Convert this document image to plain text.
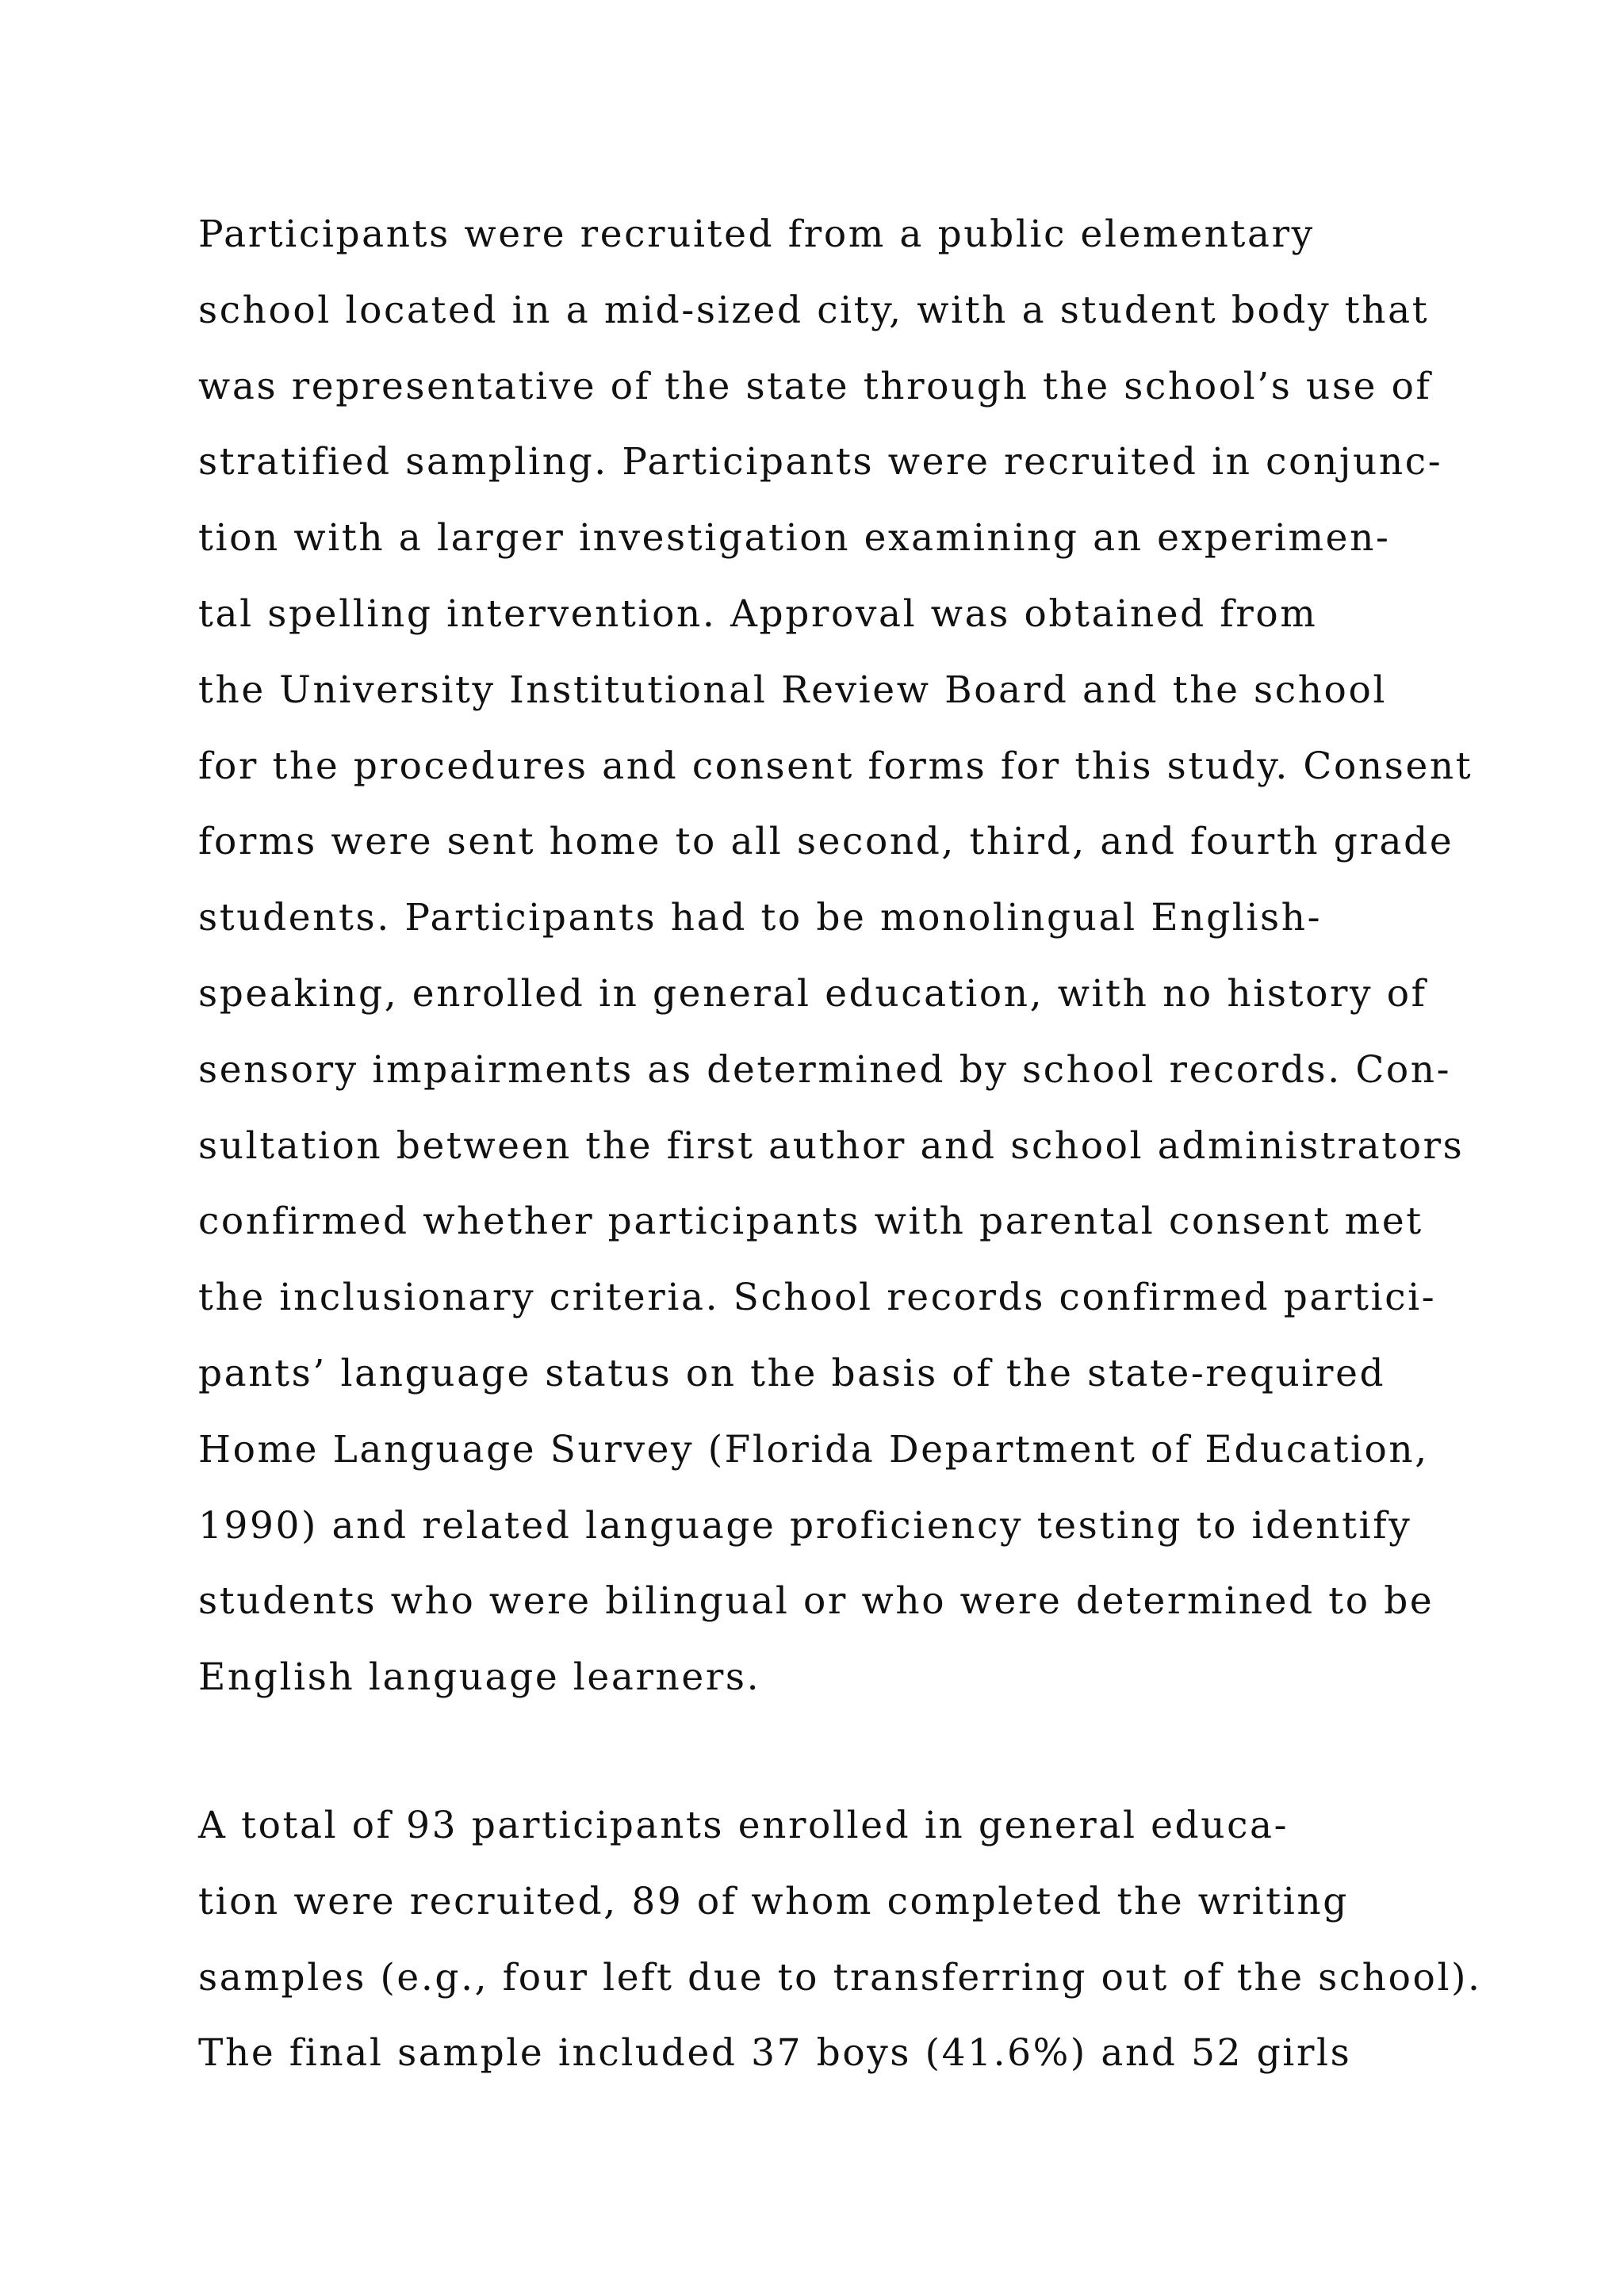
Participants were recruited from a public elementary
school located in a mid-sized city, with a student body that
was representative of the state through the school’s use of
stratified sampling. Participants were recruited in conjunc-
tion with a larger investigation examining an experimen-
tal spelling intervention. Approval was obtained from
the University Institutional Review Board and the school
for the procedures and consent forms for this study. Consent
forms were sent home to all second, third, and fourth grade
students. Participants had to be monolingual English-
speaking, enrolled in general education, with no history of
sensory impairments as determined by school records. Con-
sultation between the first author and school administrators
confirmed whether participants with parental consent met
the inclusionary criteria. School records confirmed partici-
pants’ language status on the basis of the state-required
Home Language Survey (Florida Department of Education,
1990) and related language proficiency testing to identify
students who were bilingual or who were determined to be
English language learners.
A total of 93 participants enrolled in general educa-
tion were recruited, 89 of whom completed the writing
samples (e.g., four left due to transferring out of the school).
The final sample included 37 boys (41.6%) and 52 girls
